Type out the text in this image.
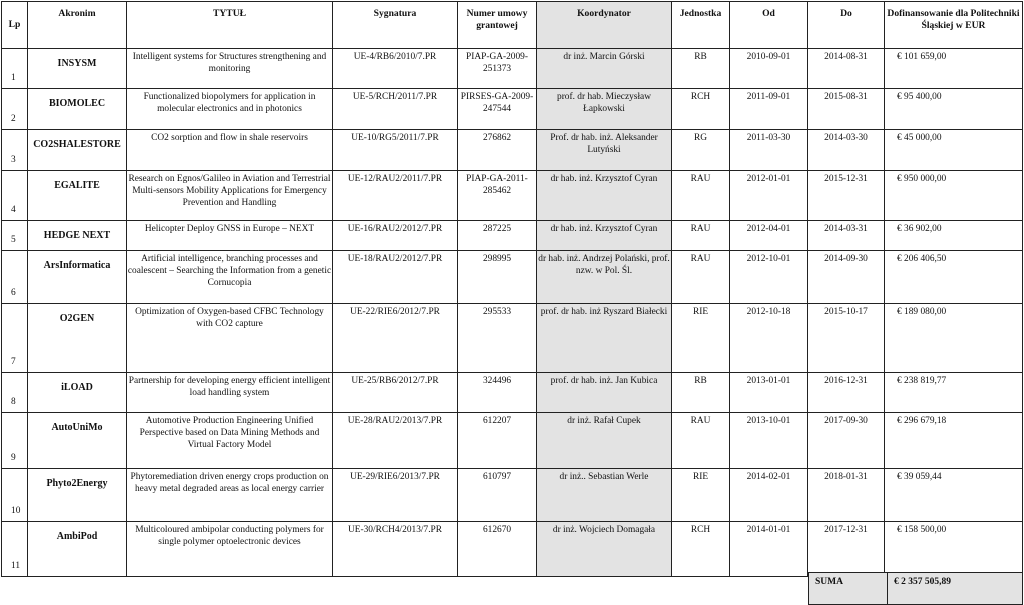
Lp	Akronim	TYTUŁ	Sygnatura	Numer umowy grantowej	Koordynator	Jednostka	Od	Do	Dofinansowanie dla Politechniki Śląskiej w EUR
1	INSYSM	Intelligent systems for Structures strengthening and monitoring	UE-4/RB6/2010/7.PR	PIAP-GA-2009-251373	dr inż. Marcin Górski	RB	2010-09-01	2014-08-31	€ 101 659,00
2	BIOMOLEC	Functionalized biopolymers for application in molecular electronics and in photonics	UE-5/RCH/2011/7.PR	PIRSES-GA-2009-247544	prof. dr hab. Mieczysław Łapkowski	RCH	2011-09-01	2015-08-31	€ 95 400,00
3	CO2SHALESTORE	CO2 sorption and flow in shale reservoirs	UE-10/RG5/2011/7.PR	276862	Prof. dr hab. inż. Aleksander Lutyński	RG	2011-03-30	2014-03-30	€ 45 000,00
4	EGALITE	Research on Egnos/Galileo in Aviation and Terrestrial Multi-sensors Mobility Applications for Emergency Prevention and Handling	UE-12/RAU2/2011/7.PR	PIAP-GA-2011-285462	dr hab. inż. Krzysztof Cyran	RAU	2012-01-01	2015-12-31	€ 950 000,00
5	HEDGE NEXT	Helicopter Deploy GNSS in Europe – NEXT	UE-16/RAU2/2012/7.PR	287225	dr hab. inż. Krzysztof Cyran	RAU	2012-04-01	2014-03-31	€ 36 902,00
6	ArsInformatica	Artificial intelligence, branching processes and coalescent – Searching the Information from a genetic Cornucopia	UE-18/RAU2/2012/7.PR	298995	dr hab. inż. Andrzej Polański, prof. nzw. w Pol. Śl.	RAU	2012-10-01	2014-09-30	€ 206 406,50
7	O2GEN	Optimization of Oxygen-based CFBC Technology with CO2 capture	UE-22/RIE6/2012/7.PR	295533	prof. dr hab. inż Ryszard Białecki	RIE	2012-10-18	2015-10-17	€ 189 080,00
8	iLOAD	Partnership for developing energy efficient intelligent load handling system	UE-25/RB6/2012/7.PR	324496	prof. dr hab. inż. Jan Kubica	RB	2013-01-01	2016-12-31	€ 238 819,77
9	AutoUniMo	Automotive Production Engineering Unified Perspective based on Data Mining Methods and Virtual Factory Model	UE-28/RAU2/2013/7.PR	612207	dr inż. Rafał Cupek	RAU	2013-10-01	2017-09-30	€ 296 679,18
10	Phyto2Energy	Phytoremediation driven energy crops production on heavy metal degraded areas as local energy carrier	UE-29/RIE6/2013/7.PR	610797	dr inż.. Sebastian Werle	RIE	2014-02-01	2018-01-31	€ 39 059,44
11	AmbiPod	Multicoloured ambipolar conducting polymers for single polymer optoelectronic devices	UE-30/RCH4/2013/7.PR	612670	dr inż. Wojciech Domagała	RCH	2014-01-01	2017-12-31	€ 158 500,00
SUMA	€ 2 357 505,89
